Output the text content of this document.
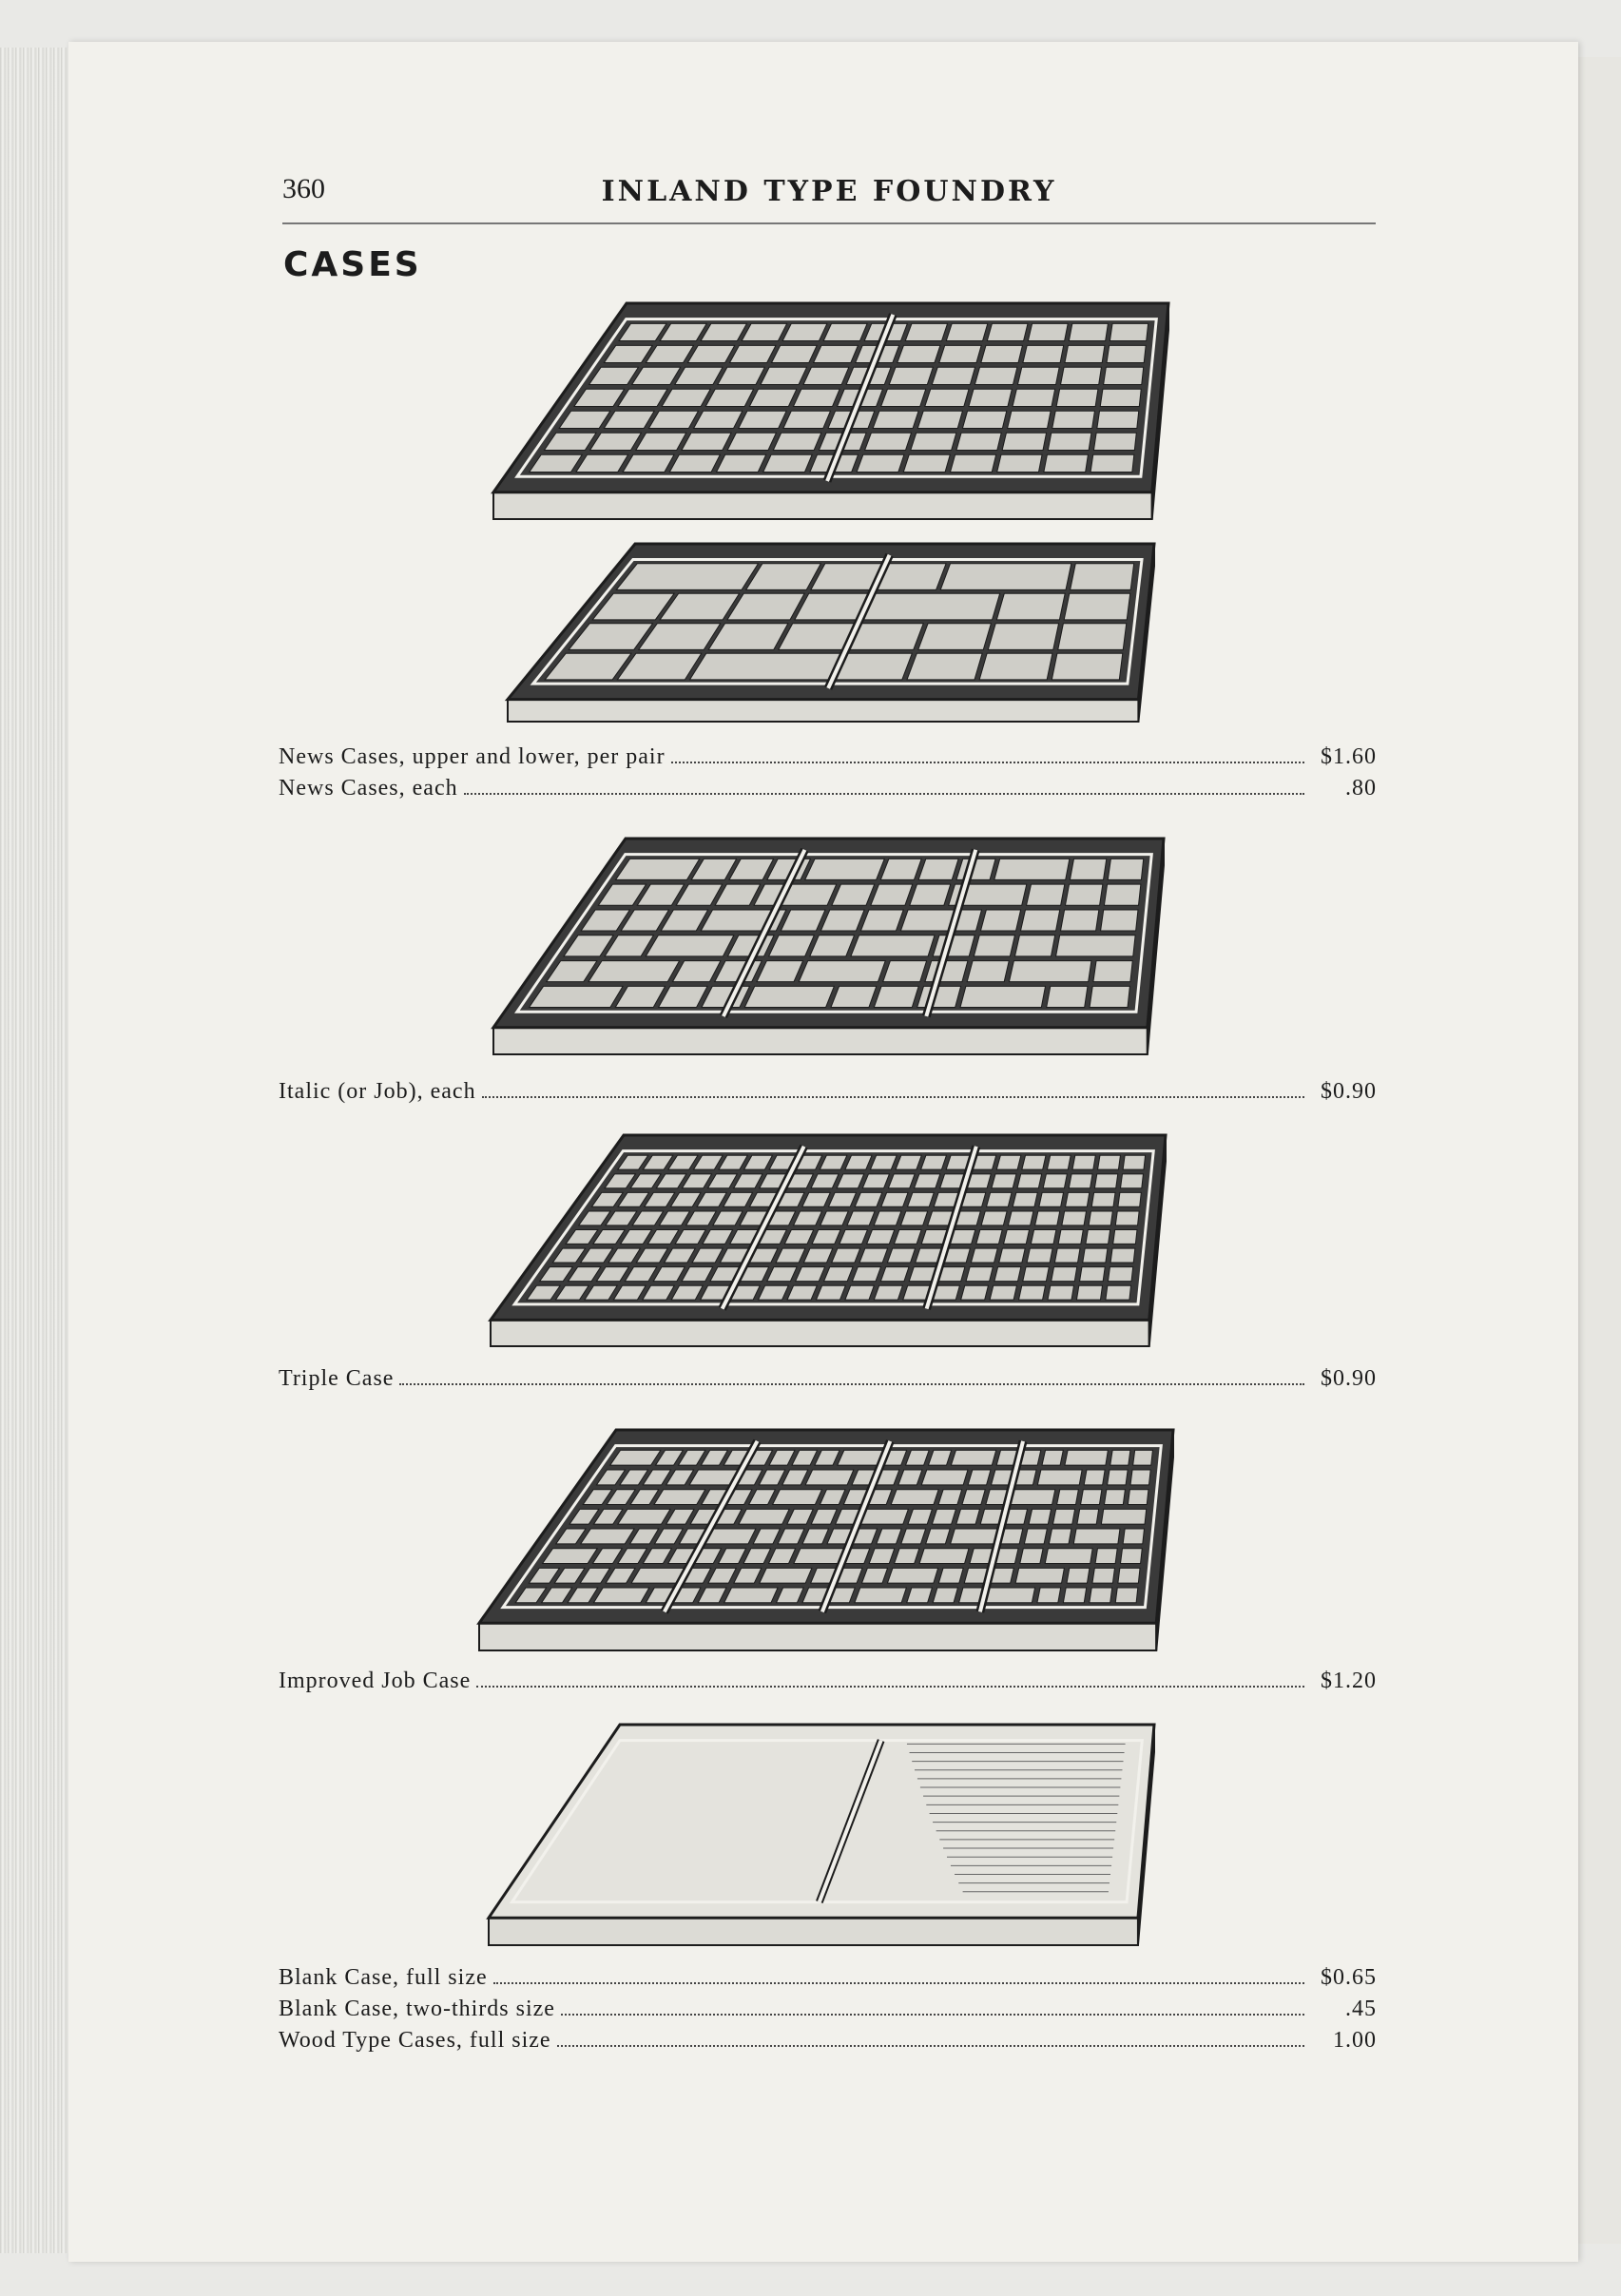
360	INLAND TYPE FOUNDRY
CASES
News Cases, upper and lower, per pair	$1.60
News Cases, each	.80
Italic (or Job), each	$0.90
Triple Case	$0.90
Improved Job Case	$1.20
Blank Case, full size	$0.65
Blank Case, two-thirds size	.45
Wood Type Cases, full size	1.00
